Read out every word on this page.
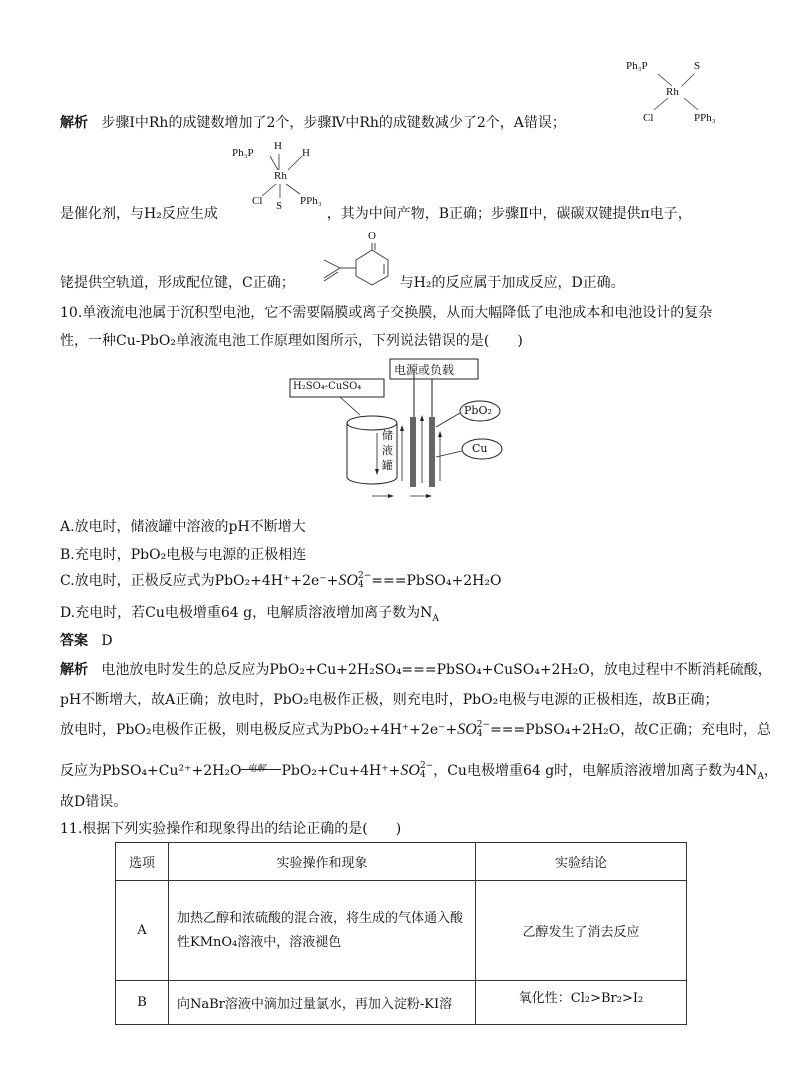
Ph₃P	S
Rh
Cl	PPh₃
解析 步骤Ⅰ中Rh的成键数增加了2个，步骤Ⅳ中Rh的成键数减少了2个，A错误；
Ph₃P
H
H
Rh
Cl S PPh₃
是催化剂，与H₂反应生成	，其为中间产物，B正确；步骤Ⅱ中，碳碳双键提供π电子，
O
铑提供空轨道，形成配位键，C正确；	与H₂的反应属于加成反应，D正确。
10.单液流电池属于沉积型电池，它不需要隔膜或离子交换膜，从而大幅降低了电池成本和电池设计的复杂
性，一种Cu-PbO₂单液流电池工作原理如图所示，下列说法错误的是(　　)
电源或负载
H₂SO₄-CuSO₄
储液罐
PbO₂
Cu
A.放电时，储液罐中溶液的pH不断增大
B.充电时，PbO₂电极与电源的正极相连
C.放电时，正极反应式为PbO₂+4H⁺+2e⁻+SO 2−
4 ===PbSO₄+2H₂O
D.充电时，若Cu电极增重64 g，电解质溶液增加离子数为$N_A$
答案 D
解析 电池放电时发生的总反应为PbO₂+Cu+2H₂SO₄===PbSO₄+CuSO₄+2H₂O，放电过程中不断消耗硫酸，
pH不断增大，故A正确；放电时，PbO₂电极作正极，则充电时，PbO₂电极与电源的正极相连，故B正确；
放电时，PbO₂电极作正极，则电极反应式为PbO₂+4H⁺+2e⁻+SO 2−
4 ===PbSO₄+2H₂O，故C正确；充电时，总
反应为PbSO₄+Cu²⁺+2H₂O 电解 PbO₂+Cu+4H⁺+SO 2−
4 ，Cu电极增重64 g时，电解质溶液增加离子数为$4N_A$，
故D错误。
11.根据下列实验操作和现象得出的结论正确的是(　　)
选项	实验操作和现象	实验结论
A	加热乙醇和浓硫酸的混合液，将生成的气体通入酸性KMnO₄溶液中，溶液褪色	乙醇发生了消去反应
B	向NaBr溶液中滴加过量氯水，再加入淀粉-KI溶	氧化性：Cl₂>Br₂>I₂
